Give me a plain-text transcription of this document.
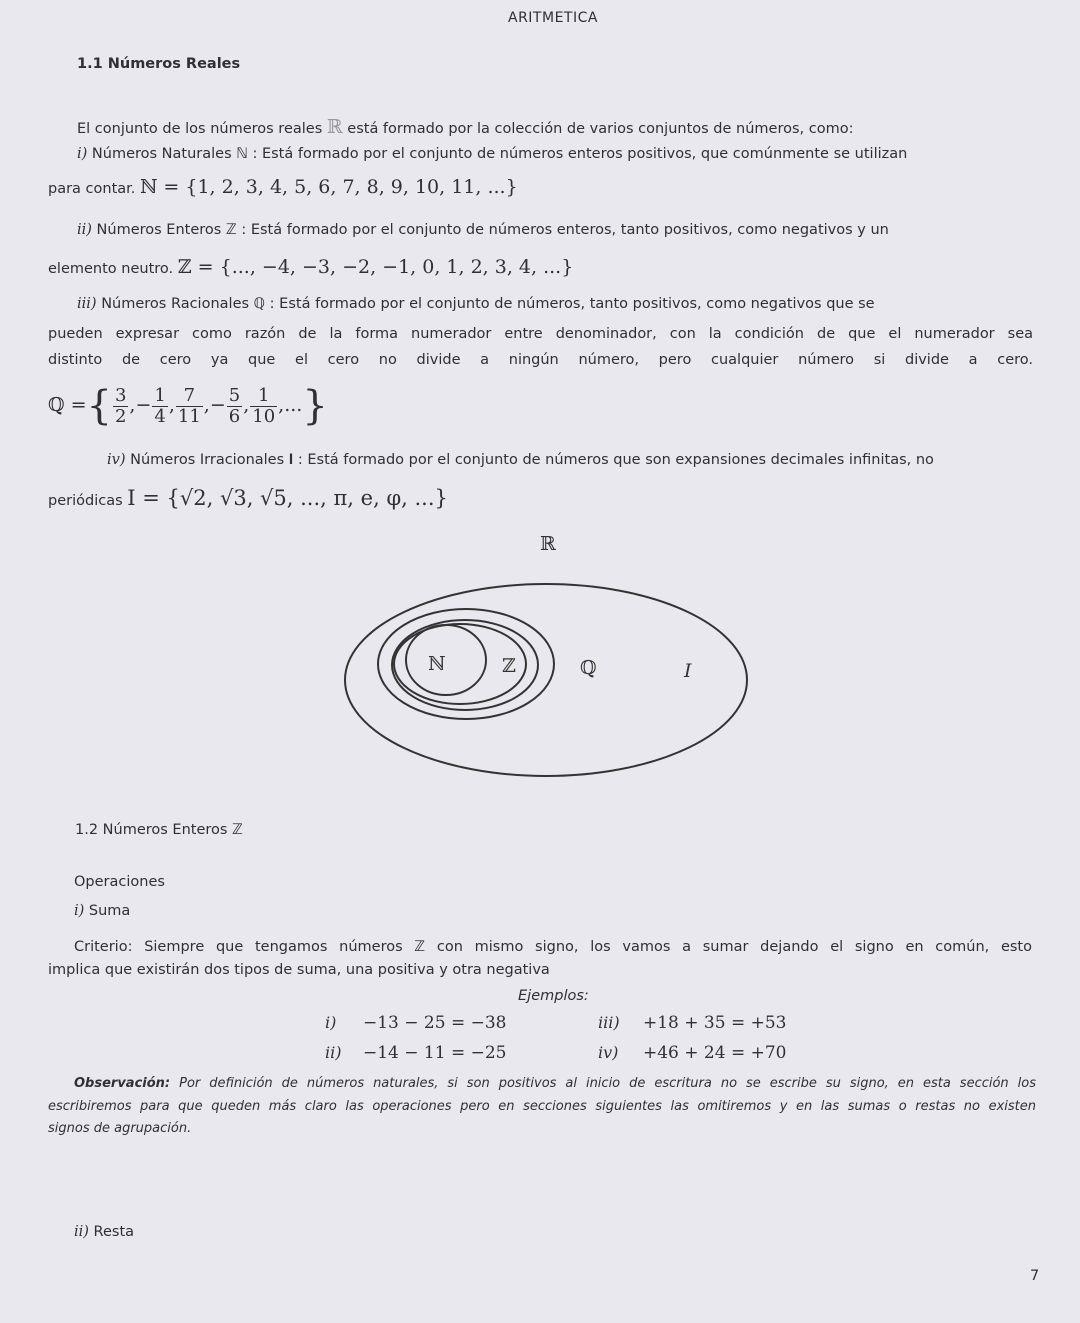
ARITMETICA
1.1 Números Reales
El conjunto de los números reales ℝ está formado por la colección de varios conjuntos de números, como:
i) Números Naturales ℕ : Está formado por el conjunto de números enteros positivos, que comúnmente se utilizan
para contar. ℕ = {1, 2, 3, 4, 5, 6, 7, 8, 9, 10, 11, ...}
ii) Números Enteros ℤ : Está formado por el conjunto de números enteros, tanto positivos, como negativos y un
elemento neutro. ℤ = {..., −4, −3, −2, −1, 0, 1, 2, 3, 4, ...}
iii) Números Racionales ℚ : Está formado por el conjunto de números, tanto positivos, como negativos que se
pueden expresar como razón de la forma numerador entre denominador, con la condición de que el numerador sea
distinto de cero ya que el cero no divide a ningún número, pero cualquier número si divide a cero.
ℚ ={ $\frac{3}{2}$ ,− $\frac{1}{4}$ , $\frac{7}{11}$ ,− $\frac{5}{6}$ , $\frac{1}{10}$ ,...}
iv) Números Irracionales 𝐈 : Está formado por el conjunto de números que son expansiones decimales infinitas, no
periódicas I = {√2, √3, √5, ..., π, e, φ, ...}
ℝ
ℕ	ℤ	ℚ	I
1.2 Números Enteros ℤ
Operaciones
i) Suma
Criterio: Siempre que tengamos números ℤ con mismo signo, los vamos a sumar dejando el signo en común, esto
implica que existirán dos tipos de suma, una positiva y otra negativa
Ejemplos:
i) −13 − 25 = −38
ii) −14 − 11 = −25
iii) +18 + 35 = +53
iv) +46 + 24 = +70
Observación: Por definición de números naturales, si son positivos al inicio de escritura no se escribe su signo, en esta sección los
escribiremos para que queden más claro las operaciones pero en secciones siguientes las omitiremos y en las sumas o restas no existen
signos de agrupación.
ii) Resta
7
